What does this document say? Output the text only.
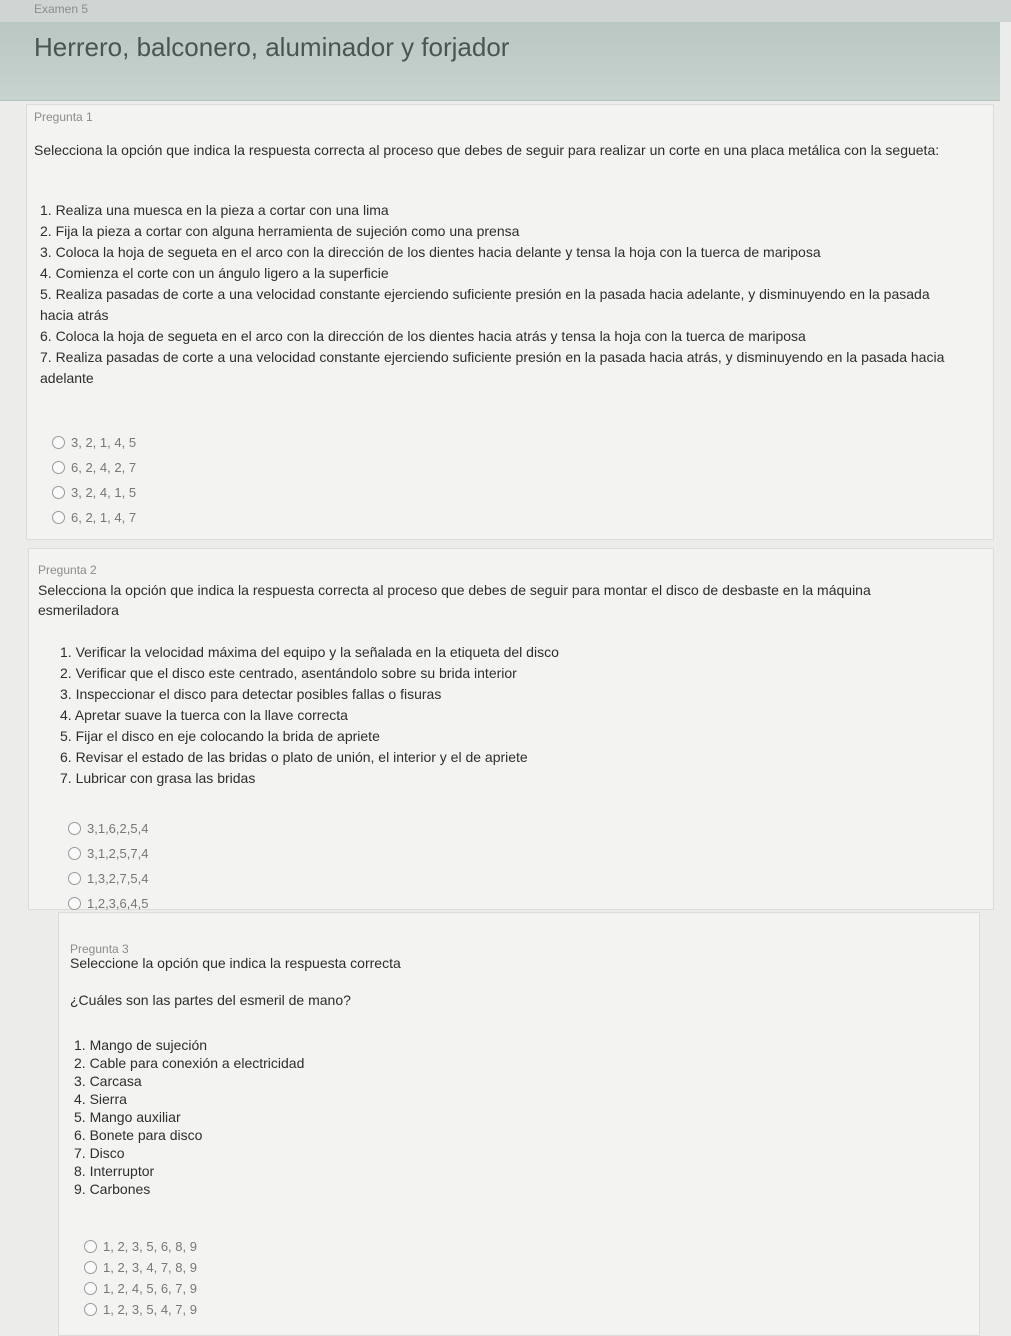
Examen 5
Herrero, balconero, aluminador y forjador
Pregunta 1
Selecciona la opción que indica la respuesta correcta al proceso que debes de seguir para realizar un corte en una placa metálica con la segueta:
1. Realiza una muesca en la pieza a cortar con una lima
2. Fija la pieza a cortar con alguna herramienta de sujeción como una prensa
3. Coloca la hoja de segueta en el arco con la dirección de los dientes hacia delante y tensa la hoja con la tuerca de mariposa
4. Comienza el corte con un ángulo ligero a la superficie
5. Realiza pasadas de corte a una velocidad constante ejerciendo suficiente presión en la pasada hacia adelante, y disminuyendo en la pasada hacia atrás
6. Coloca la hoja de segueta en el arco con la dirección de los dientes hacia atrás y tensa la hoja con la tuerca de mariposa
7. Realiza pasadas de corte a una velocidad constante ejerciendo suficiente presión en la pasada hacia atrás, y disminuyendo en la pasada hacia adelante
3, 2, 1, 4, 5
6, 2, 4, 2, 7
3, 2, 4, 1, 5
6, 2, 1, 4, 7
Pregunta 2
Selecciona la opción que indica la respuesta correcta al proceso que debes de seguir para montar el disco de desbaste en la máquina esmeriladora
1. Verificar la velocidad máxima del equipo y la señalada en la etiqueta del disco
2. Verificar que el disco este centrado, asentándolo sobre su brida interior
3. Inspeccionar el disco para detectar posibles fallas o fisuras
4. Apretar suave la tuerca con la llave correcta
5. Fijar el disco en eje colocando la brida de apriete
6. Revisar el estado de las bridas o plato de unión, el interior y el de apriete
7. Lubricar con grasa las bridas
3,1,6,2,5,4
3,1,2,5,7,4
1,3,2,7,5,4
1,2,3,6,4,5
Pregunta 3
Seleccione la opción que indica la respuesta correcta
¿Cuáles son las partes del esmeril de mano?
1. Mango de sujeción
2. Cable para conexión a electricidad
3. Carcasa
4. Sierra
5. Mango auxiliar
6. Bonete para disco
7. Disco
8. Interruptor
9. Carbones
1, 2, 3, 5, 6, 8, 9
1, 2, 3, 4, 7, 8, 9
1, 2, 4, 5, 6, 7, 9
1, 2, 3, 5, 4, 7, 9
